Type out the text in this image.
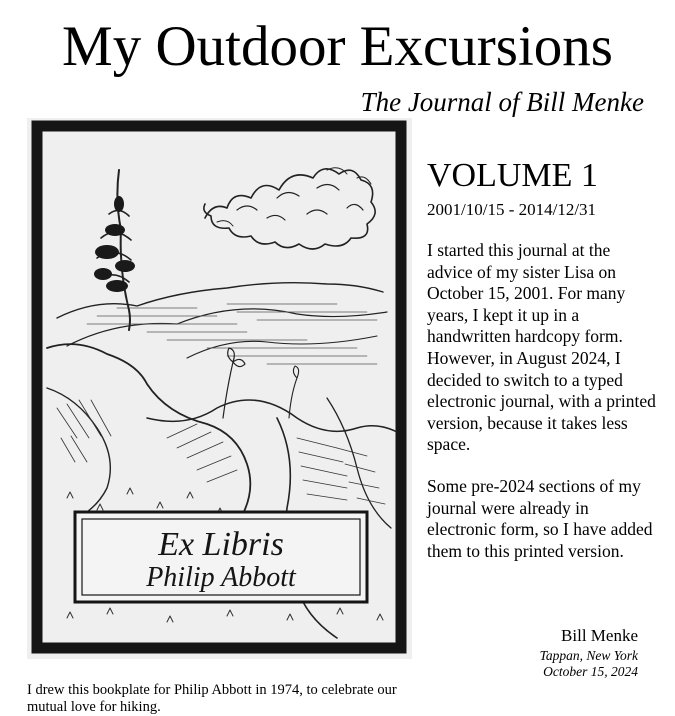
My Outdoor Excursions
The Journal of Bill Menke
Ex Libris
Philip Abbott
VOLUME 1
2001/10/15 - 2014/12/31

I started this journal at the advice of my sister Lisa on October 15, 2001. For many years, I kept it up in a handwritten hardcopy form. However, in August 2024, I decided to switch to a typed electronic journal, with a printed version, because it takes less space.

Some pre-2024 sections of my journal were already in electronic form, so I have added them to this printed version.

Bill Menke
Tappan, New York
October 15, 2024

I drew this bookplate for Philip Abbott in 1974, to celebrate our mutual love for hiking.
